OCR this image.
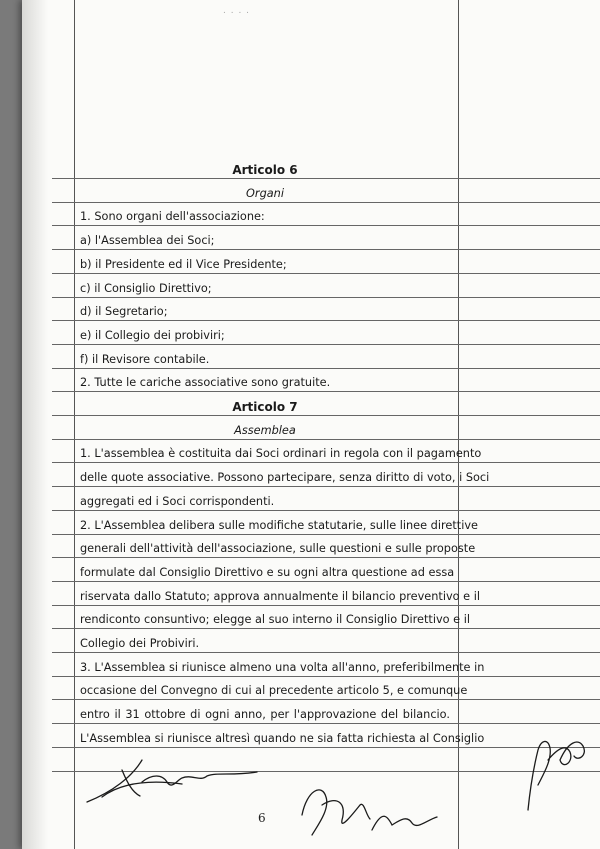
٠ ٠ ٠ ٠
Articolo 6
Organi
1. Sono organi dell'associazione:
a) l'Assemblea dei Soci;
b) il Presidente ed il Vice Presidente;
c) il Consiglio Direttivo;
d) il Segretario;
e) il Collegio dei probiviri;
f) il Revisore contabile.
2. Tutte le cariche associative sono gratuite.
Articolo 7
Assemblea
1. L'assemblea è costituita dai Soci ordinari in regola con il pagamento
delle quote associative. Possono partecipare, senza diritto di voto, i Soci
aggregati ed i Soci corrispondenti.
2. L'Assemblea delibera sulle modifiche statutarie, sulle linee direttive
generali dell'attività dell'associazione, sulle questioni e sulle proposte
formulate dal Consiglio Direttivo e su ogni altra questione ad essa
riservata dallo Statuto; approva annualmente il bilancio preventivo e il
rendiconto consuntivo; elegge al suo interno il Consiglio Direttivo e il
Collegio dei Probiviri.
3. L'Assemblea si riunisce almeno una volta all'anno, preferibilmente in
occasione del Convegno di cui al precedente articolo 5, e comunque
entro il 31 ottobre di ogni anno, per l'approvazione del bilancio.
L'Assemblea si riunisce altresì quando ne sia fatta richiesta al Consiglio
6
